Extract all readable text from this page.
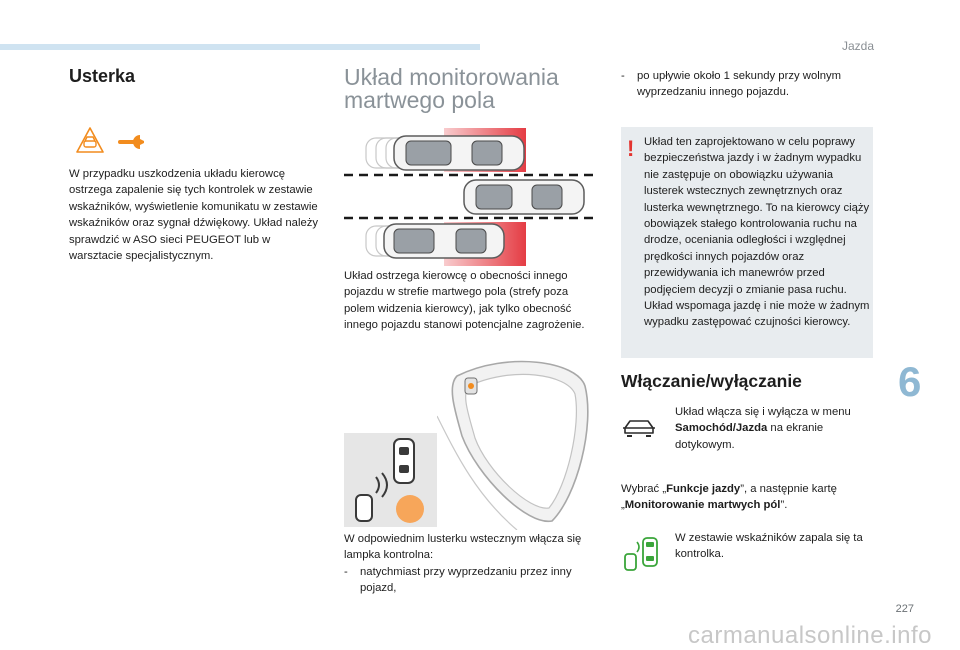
Jazda
Usterka
W przypadku uszkodzenia układu kierowcę ostrzega zapalenie się tych kontrolek w zestawie wskaźników, wyświetlenie komunikatu w zestawie wskaźników oraz sygnał dźwiękowy. Układ należy sprawdzić w ASO sieci PEUGEOT lub w warsztacie specjalistycznym.
Układ monitorowania martwego pola
Układ ostrzega kierowcę o obecności innego pojazdu w strefie martwego pola (strefy poza polem widzenia kierowcy), jak tylko obecność innego pojazdu stanowi potencjalne zagrożenie.
W odpowiednim lusterku wstecznym włącza się lampka kontrolna:
- natychmiast przy wyprzedzaniu przez inny pojazd,
- po upływie około 1 sekundy przy wolnym wyprzedzaniu innego pojazdu.
! Układ ten zaprojektowano w celu poprawy bezpieczeństwa jazdy i w żadnym wypadku nie zastępuje on obowiązku używania lusterek wstecznych zewnętrznych oraz lusterka wewnętrznego. To na kierowcy ciąży obowiązek stałego kontrolowania ruchu na drodze, oceniania odległości i względnej prędkości innych pojazdów oraz przewidywania ich manewrów przed podjęciem decyzji o zmianie pasa ruchu. Układ wspomaga jazdę i nie może w żadnym wypadku zastępować czujności kierowcy.
Włączanie/wyłączanie
Układ włącza się i wyłącza w menu Samochód/Jazda na ekranie dotykowym.
Wybrać „Funkcje jazdy”, a następnie kartę „Monitorowanie martwych pól”.
W zestawie wskaźników zapala się ta kontrolka.
6
227
carmanualsonline.info
